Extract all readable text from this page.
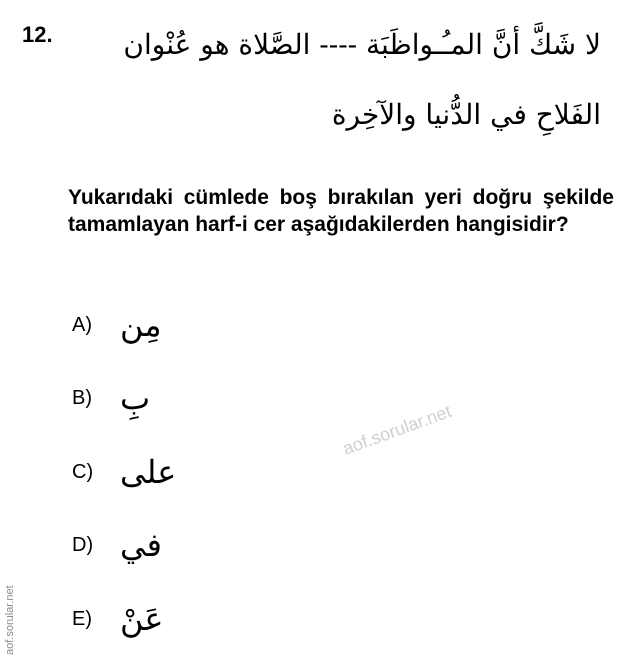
12.	لا شَكَّ أنَّ المـُـواظَبَة ---- الصَّلاة هو عُنْوان
الفَلاحِ في الدُّنيا والآخِرة
Yukarıdaki cümlede boş bırakılan yeri doğru şekilde tamamlayan harf-i cer aşağıdakilerden hangisidir?
A) مِن
B) بِ
C) على
D) في
E) عَنْ
aof.sorular.net
aof.sorular.net
